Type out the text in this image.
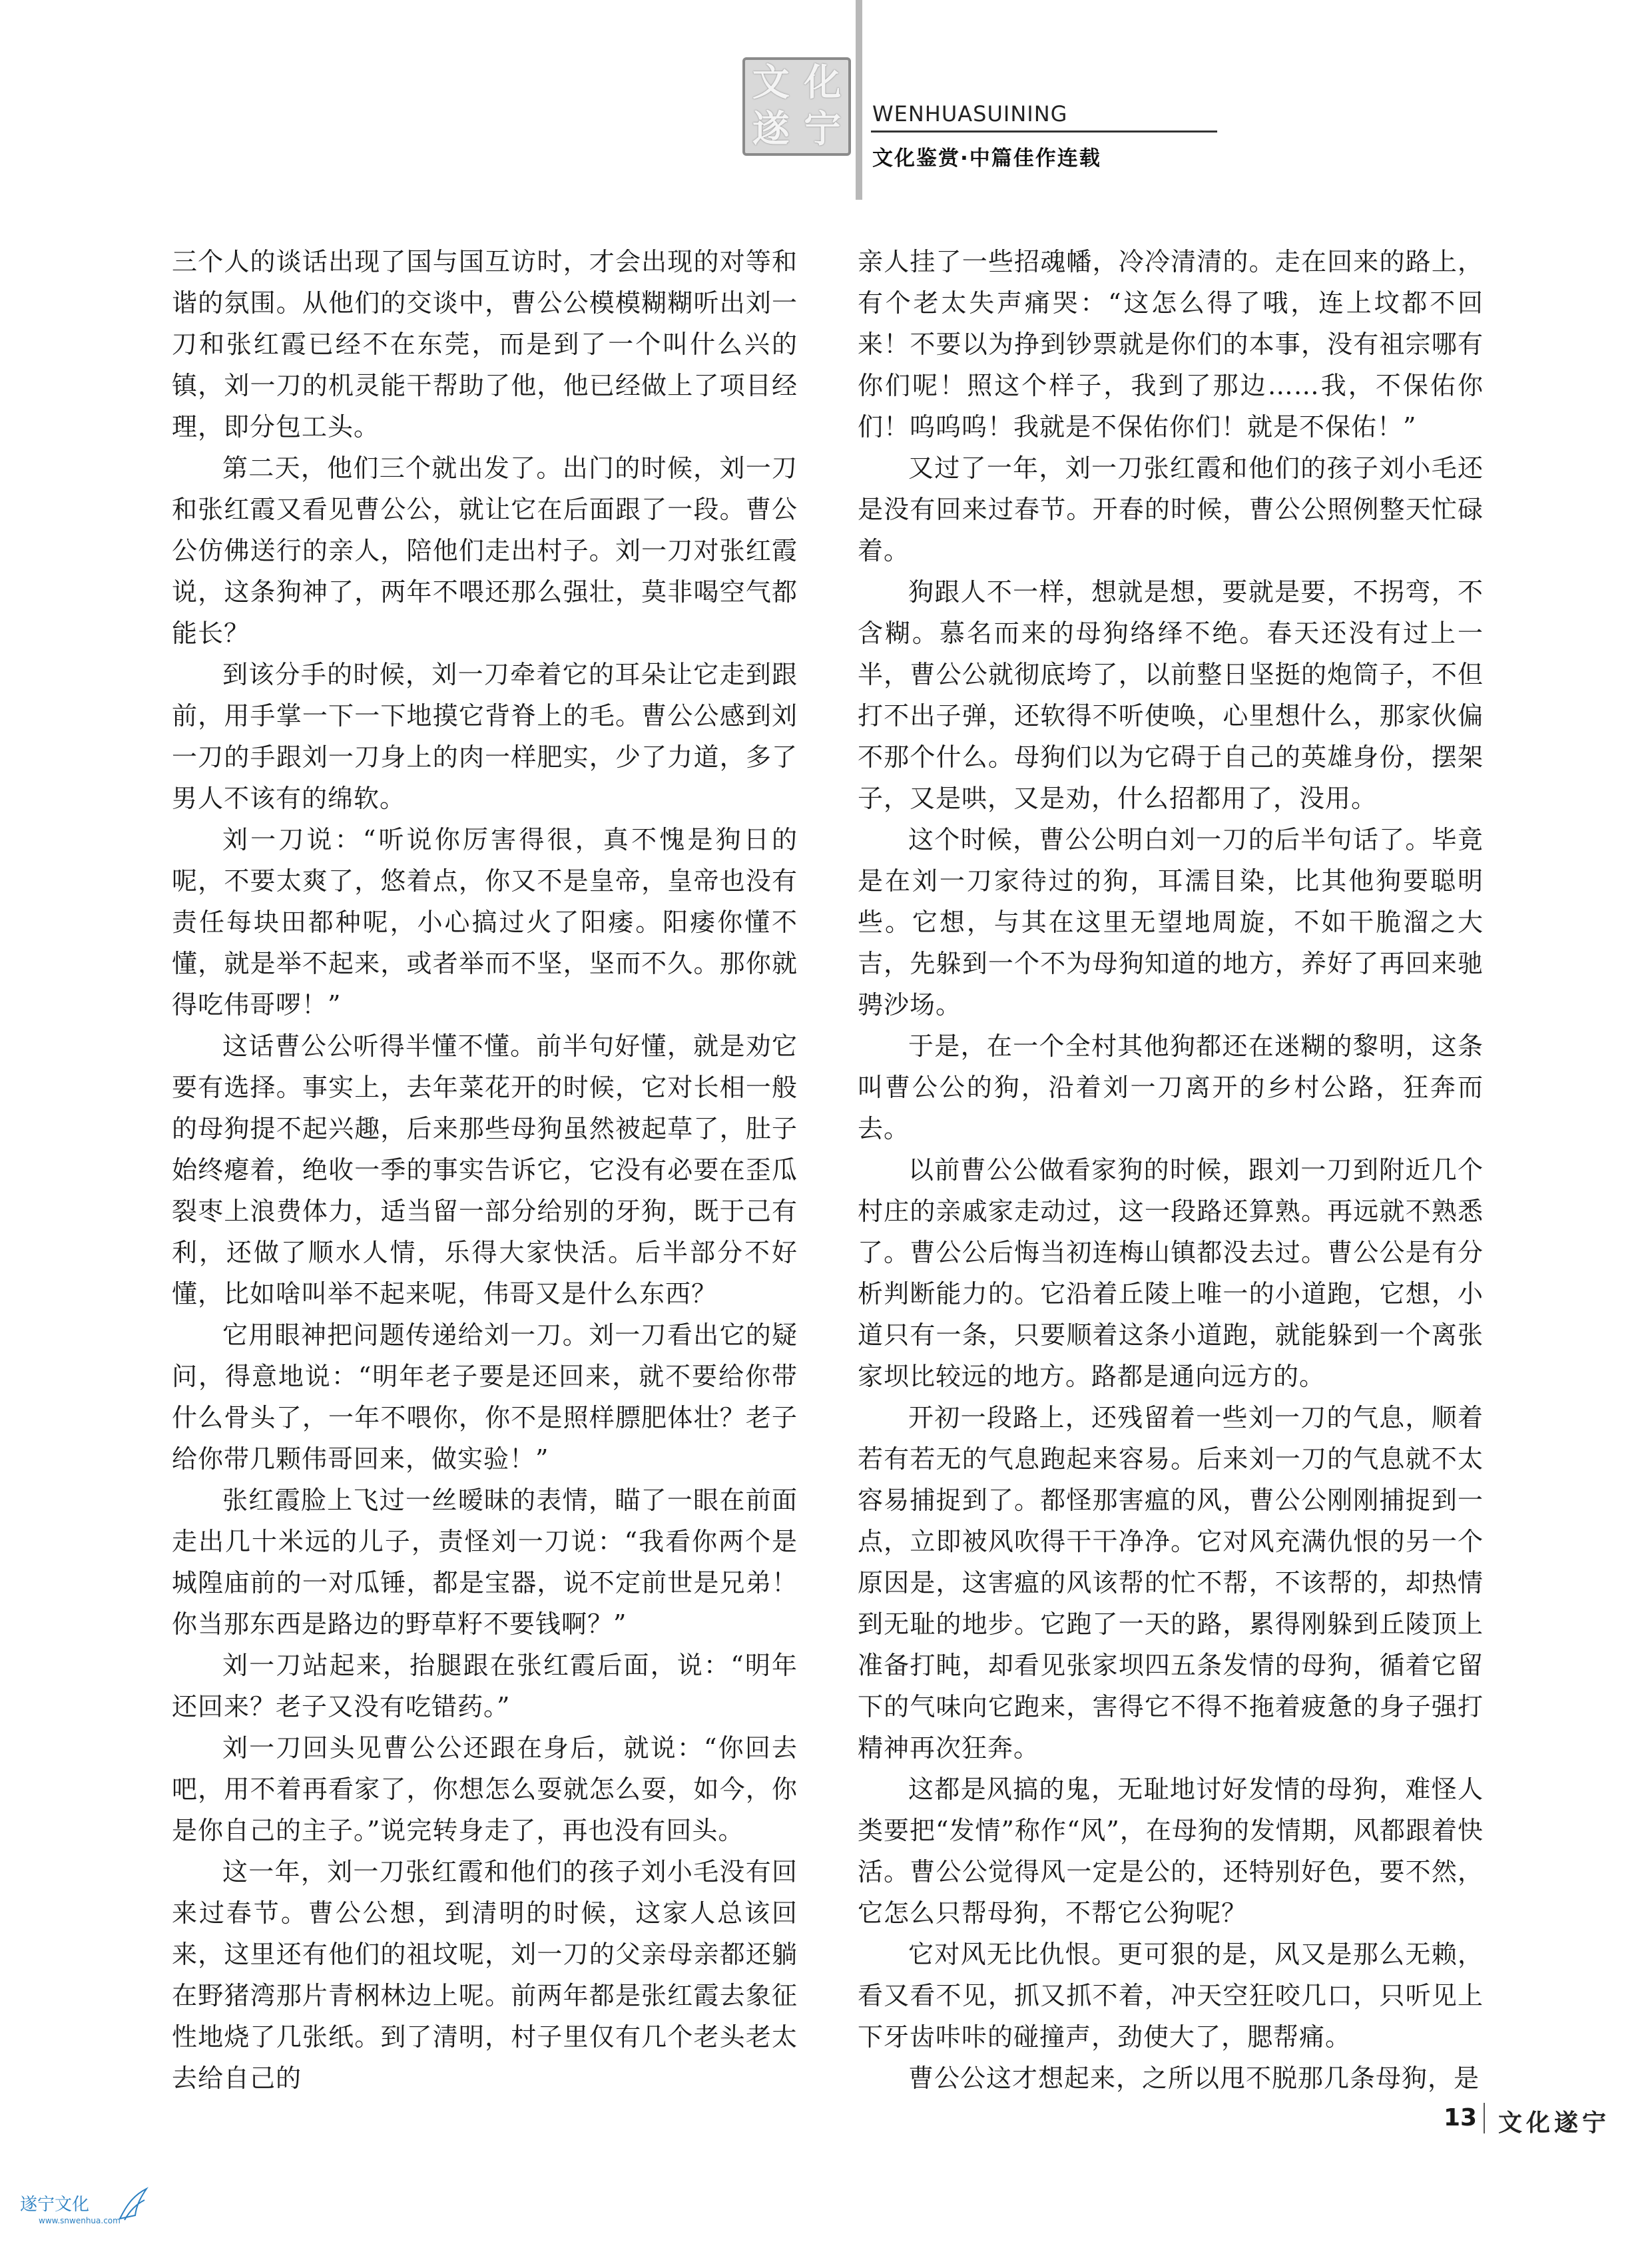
文 化
遂 宁	WENHUASUINING
文化鉴赏·中篇佳作连载

三个人的谈话出现了国与国互访时，才会出现的对等和谐的氛围。从他们的交谈中，曹公公模模糊糊听出刘一刀和张红霞已经不在东莞，而是到了一个叫什么兴的镇，刘一刀的机灵能干帮助了他，他已经做上了项目经理，即分包工头。

第二天，他们三个就出发了。出门的时候，刘一刀和张红霞又看见曹公公，就让它在后面跟了一段。曹公公仿佛送行的亲人，陪他们走出村子。刘一刀对张红霞说，这条狗神了，两年不喂还那么强壮，莫非喝空气都能长？

到该分手的时候，刘一刀牵着它的耳朵让它走到跟前，用手掌一下一下地摸它背脊上的毛。曹公公感到刘一刀的手跟刘一刀身上的肉一样肥实，少了力道，多了男人不该有的绵软。

刘一刀说：“听说你厉害得很，真不愧是狗日的呢，不要太爽了，悠着点，你又不是皇帝，皇帝也没有责任每块田都种呢，小心搞过火了阳痿。阳痿你懂不懂，就是举不起来，或者举而不坚，坚而不久。那你就得吃伟哥啰！”

这话曹公公听得半懂不懂。前半句好懂，就是劝它要有选择。事实上，去年菜花开的时候，它对长相一般的母狗提不起兴趣，后来那些母狗虽然被起草了，肚子始终瘪着，绝收一季的事实告诉它，它没有必要在歪瓜裂枣上浪费体力，适当留一部分给别的牙狗，既于己有利，还做了顺水人情，乐得大家快活。后半部分不好懂，比如啥叫举不起来呢，伟哥又是什么东西？

它用眼神把问题传递给刘一刀。刘一刀看出它的疑问，得意地说：“明年老子要是还回来，就不要给你带什么骨头了，一年不喂你，你不是照样膘肥体壮？老子给你带几颗伟哥回来，做实验！”

张红霞脸上飞过一丝暧昧的表情，瞄了一眼在前面走出几十米远的儿子，责怪刘一刀说：“我看你两个是城隍庙前的一对瓜锤，都是宝器，说不定前世是兄弟！你当那东西是路边的野草籽不要钱啊？”

刘一刀站起来，抬腿跟在张红霞后面，说：“明年还回来？老子又没有吃错药。”

刘一刀回头见曹公公还跟在身后，就说：“你回去吧，用不着再看家了，你想怎么耍就怎么耍，如今，你是你自己的主子。”说完转身走了，再也没有回头。

这一年，刘一刀张红霞和他们的孩子刘小毛没有回来过春节。曹公公想，到清明的时候，这家人总该回来，这里还有他们的祖坟呢，刘一刀的父亲母亲都还躺在野猪湾那片青㭎林边上呢。前两年都是张红霞去象征性地烧了几张纸。到了清明，村子里仅有几个老头老太去给自己的

亲人挂了一些招魂幡，冷冷清清的。走在回来的路上，有个老太失声痛哭：“这怎么得了哦，连上坟都不回来！不要以为挣到钞票就是你们的本事，没有祖宗哪有你们呢！照这个样子，我到了那边……我，不保佑你们！呜呜呜！我就是不保佑你们！就是不保佑！”

又过了一年，刘一刀张红霞和他们的孩子刘小毛还是没有回来过春节。开春的时候，曹公公照例整天忙碌着。

狗跟人不一样，想就是想，要就是要，不拐弯，不含糊。慕名而来的母狗络绎不绝。春天还没有过上一半，曹公公就彻底垮了，以前整日坚挺的炮筒子，不但打不出子弹，还软得不听使唤，心里想什么，那家伙偏不那个什么。母狗们以为它碍于自己的英雄身份，摆架子，又是哄，又是劝，什么招都用了，没用。

这个时候，曹公公明白刘一刀的后半句话了。毕竟是在刘一刀家待过的狗，耳濡目染，比其他狗要聪明些。它想，与其在这里无望地周旋，不如干脆溜之大吉，先躲到一个不为母狗知道的地方，养好了再回来驰骋沙场。

于是，在一个全村其他狗都还在迷糊的黎明，这条叫曹公公的狗，沿着刘一刀离开的乡村公路，狂奔而去。

以前曹公公做看家狗的时候，跟刘一刀到附近几个村庄的亲戚家走动过，这一段路还算熟。再远就不熟悉了。曹公公后悔当初连梅山镇都没去过。曹公公是有分析判断能力的。它沿着丘陵上唯一的小道跑，它想，小道只有一条，只要顺着这条小道跑，就能躲到一个离张家坝比较远的地方。路都是通向远方的。

开初一段路上，还残留着一些刘一刀的气息，顺着若有若无的气息跑起来容易。后来刘一刀的气息就不太容易捕捉到了。都怪那害瘟的风，曹公公刚刚捕捉到一点，立即被风吹得干干净净。它对风充满仇恨的另一个原因是，这害瘟的风该帮的忙不帮，不该帮的，却热情到无耻的地步。它跑了一天的路，累得刚躲到丘陵顶上准备打盹，却看见张家坝四五条发情的母狗，循着它留下的气味向它跑来，害得它不得不拖着疲惫的身子强打精神再次狂奔。

这都是风搞的鬼，无耻地讨好发情的母狗，难怪人类要把“发情”称作“风”，在母狗的发情期，风都跟着快活。曹公公觉得风一定是公的，还特别好色，要不然，它怎么只帮母狗，不帮它公狗呢？

它对风无比仇恨。更可狠的是，风又是那么无赖，看又看不见，抓又抓不着，冲天空狂咬几口，只听见上下牙齿咔咔的碰撞声，劲使大了，腮帮痛。

曹公公这才想起来，之所以甩不脱那几条母狗，是

13 文化遂宁
遂宁文化
www.snwenhua.com
